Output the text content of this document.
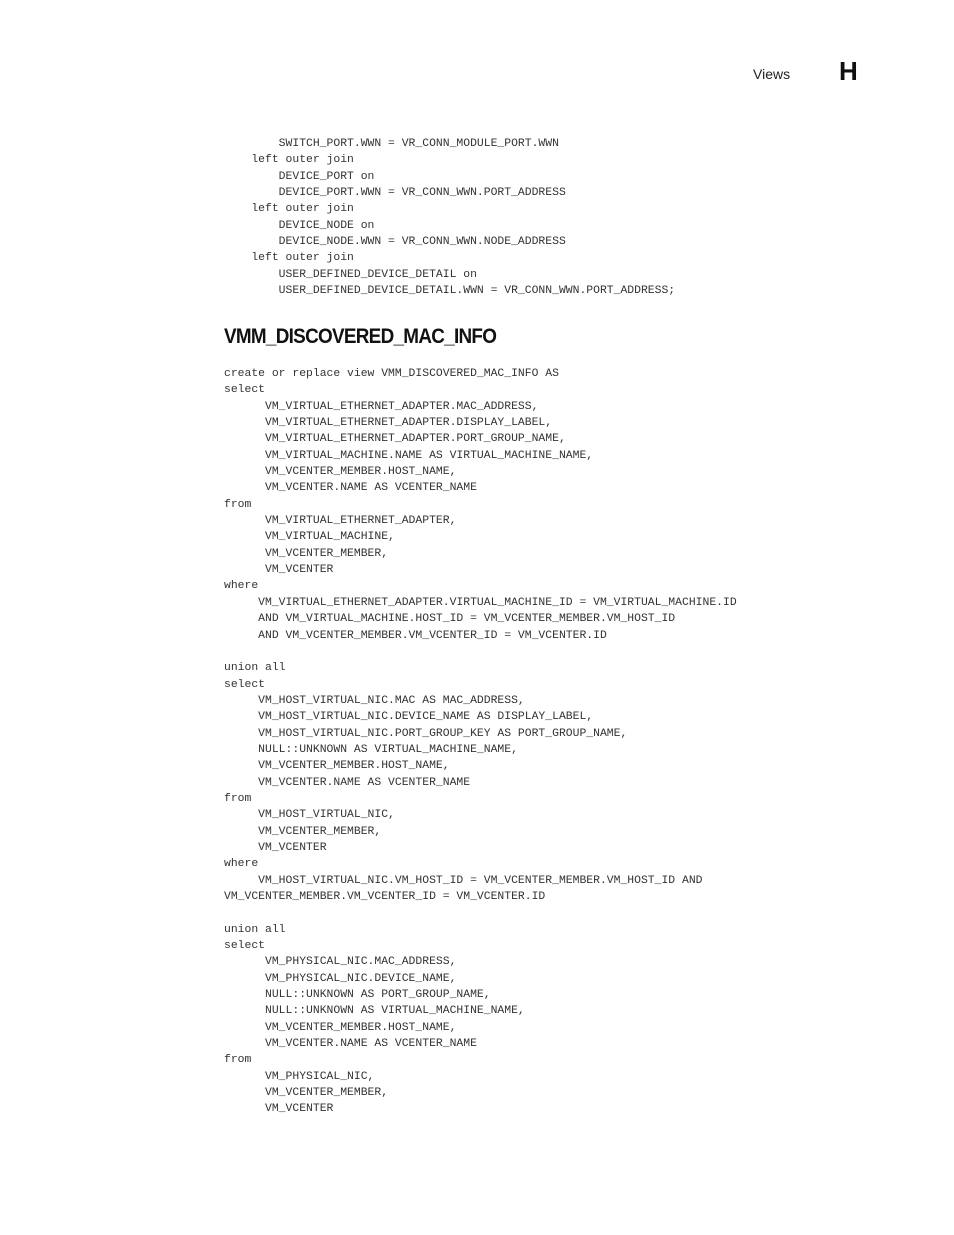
Views H
SWITCH_PORT.WWN = VR_CONN_MODULE_PORT.WWN
left outer join
DEVICE_PORT on
DEVICE_PORT.WWN = VR_CONN_WWN.PORT_ADDRESS
left outer join
DEVICE_NODE on
DEVICE_NODE.WWN = VR_CONN_WWN.NODE_ADDRESS
left outer join
USER_DEFINED_DEVICE_DETAIL on
USER_DEFINED_DEVICE_DETAIL.WWN = VR_CONN_WWN.PORT_ADDRESS;
VMM_DISCOVERED_MAC_INFO
create or replace view VMM_DISCOVERED_MAC_INFO AS
select
VM_VIRTUAL_ETHERNET_ADAPTER.MAC_ADDRESS,
VM_VIRTUAL_ETHERNET_ADAPTER.DISPLAY_LABEL,
VM_VIRTUAL_ETHERNET_ADAPTER.PORT_GROUP_NAME,
VM_VIRTUAL_MACHINE.NAME AS VIRTUAL_MACHINE_NAME,
VM_VCENTER_MEMBER.HOST_NAME,
VM_VCENTER.NAME AS VCENTER_NAME
from
VM_VIRTUAL_ETHERNET_ADAPTER,
VM_VIRTUAL_MACHINE,
VM_VCENTER_MEMBER,
VM_VCENTER
where
VM_VIRTUAL_ETHERNET_ADAPTER.VIRTUAL_MACHINE_ID = VM_VIRTUAL_MACHINE.ID
AND VM_VIRTUAL_MACHINE.HOST_ID = VM_VCENTER_MEMBER.VM_HOST_ID
AND VM_VCENTER_MEMBER.VM_VCENTER_ID = VM_VCENTER.ID

union all
select
VM_HOST_VIRTUAL_NIC.MAC AS MAC_ADDRESS,
VM_HOST_VIRTUAL_NIC.DEVICE_NAME AS DISPLAY_LABEL,
VM_HOST_VIRTUAL_NIC.PORT_GROUP_KEY AS PORT_GROUP_NAME,
NULL::UNKNOWN AS VIRTUAL_MACHINE_NAME,
VM_VCENTER_MEMBER.HOST_NAME,
VM_VCENTER.NAME AS VCENTER_NAME
from
VM_HOST_VIRTUAL_NIC,
VM_VCENTER_MEMBER,
VM_VCENTER
where
VM_HOST_VIRTUAL_NIC.VM_HOST_ID = VM_VCENTER_MEMBER.VM_HOST_ID AND
VM_VCENTER_MEMBER.VM_VCENTER_ID = VM_VCENTER.ID

union all
select
VM_PHYSICAL_NIC.MAC_ADDRESS,
VM_PHYSICAL_NIC.DEVICE_NAME,
NULL::UNKNOWN AS PORT_GROUP_NAME,
NULL::UNKNOWN AS VIRTUAL_MACHINE_NAME,
VM_VCENTER_MEMBER.HOST_NAME,
VM_VCENTER.NAME AS VCENTER_NAME
from
VM_PHYSICAL_NIC,
VM_VCENTER_MEMBER,
VM_VCENTER
